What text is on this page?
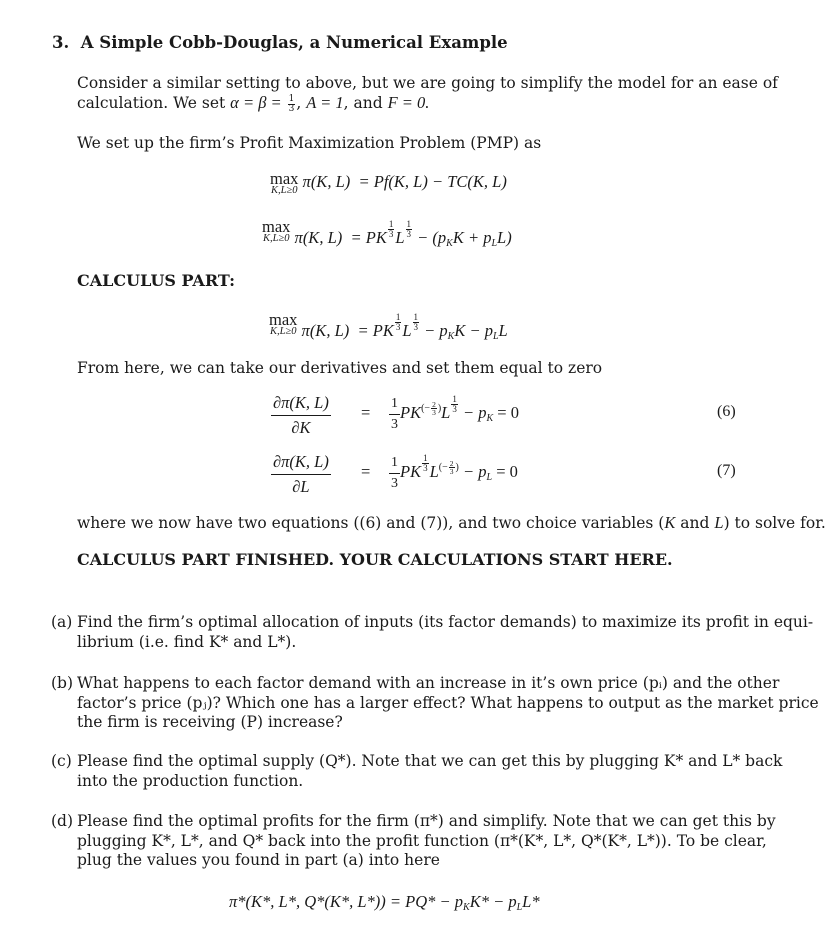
3. A Simple Cobb-Douglas, a Numerical Example
Consider a similar setting to above, but we are going to simplify the model for an ease of
calculation. We set $\alpha = \beta = \frac{1}{3}$ , A = 1, and F = 0.
We set up the firm’s Profit Maximization Problem (PMP) as
max
K,L≥0 π(K, L) = Pf(K, L) − TC(K, L)
max
K,L≥0 π(K, L) = PK $\frac{1}{3}$ L $\frac{1}{3} - (p_KK + p_LL)$
CALCULUS PART:
max
K,L≥0 π(K, L) = PK $\frac{1}{3}$ L $\frac{1}{3} - p_KK - p_LL$
From here, we can take our derivatives and set them equal to zero
$\frac{\partial\pi(K, L)}{\partial K} = \frac{1}{3} PK^{(- \frac{2}{3} )}L \frac{1}{3} - p_K = 0$	(6)
$\frac{\partial\pi(K, L)}{\partial L} = \frac{1}{3}$ PK $\frac{1}{3} L^{(- \frac{2}{3} )} - p_L = 0$	(7)
where we now have two equations ((6) and (7)), and two choice variables (K and L) to solve for.
CALCULUS PART FINISHED. YOUR CALCULATIONS START HERE.
(a) Find the firm’s optimal allocation of inputs (its factor demands) to maximize its profit in equi-
librium (i.e. find K* and L*).
(b) What happens to each factor demand with an increase in it’s own price (pᵢ) and the other
factor’s price (pⱼ)? Which one has a larger effect? What happens to output as the market price
the firm is receiving (P) increase?
(c) Please find the optimal supply (Q*). Note that we can get this by plugging K* and L* back
into the production function.
(d) Please find the optimal profits for the firm (π*) and simplify. Note that we can get this by
plugging K*, L*, and Q* back into the profit function (π*(K*, L*, Q*(K*, L*)). To be clear,
plug the values you found in part (a) into here
π*(K*, L*, Q*(K*, $L*)) = PQ* - p_KK* - p_LL*$
